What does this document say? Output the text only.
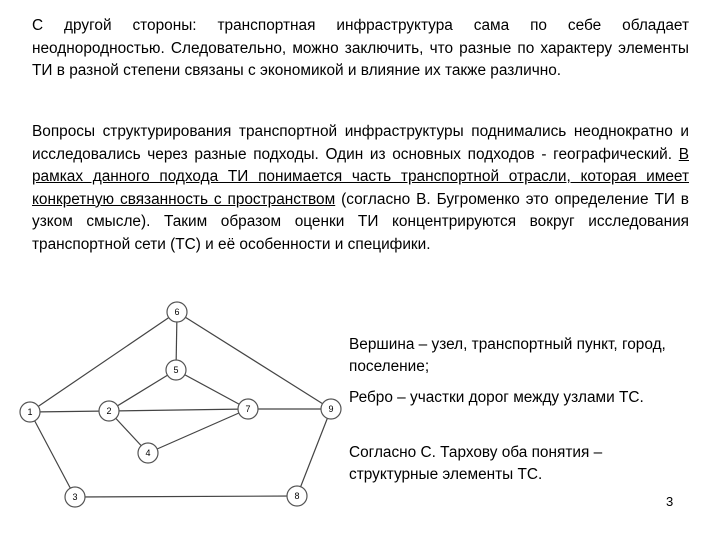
С другой стороны: транспортная инфраструктура сама по себе обладает неоднородностью. Следовательно, можно заключить, что разные по характеру элементы ТИ в разной степени связаны с экономикой и влияние их также различно.

Вопросы структурирования транспортной инфраструктуры поднимались неоднократно и исследовались через разные подходы. Один из основных подходов - географический. В рамках данного подхода ТИ понимается часть транспортной отрасли, которая имеет конкретную связанность с пространством (согласно В. Бугроменко это определение ТИ в узком смысле). Таким образом оценки ТИ концентрируются вокруг исследования транспортной сети (ТС) и её особенности и специфики.

1	2
3
4
5
6
7
8
9

Вершина – узел, транспортный пункт, город, поселение;

Ребро – участки дорог между узлами ТС.

Согласно С. Тархову оба понятия – структурные элементы ТС.

3
